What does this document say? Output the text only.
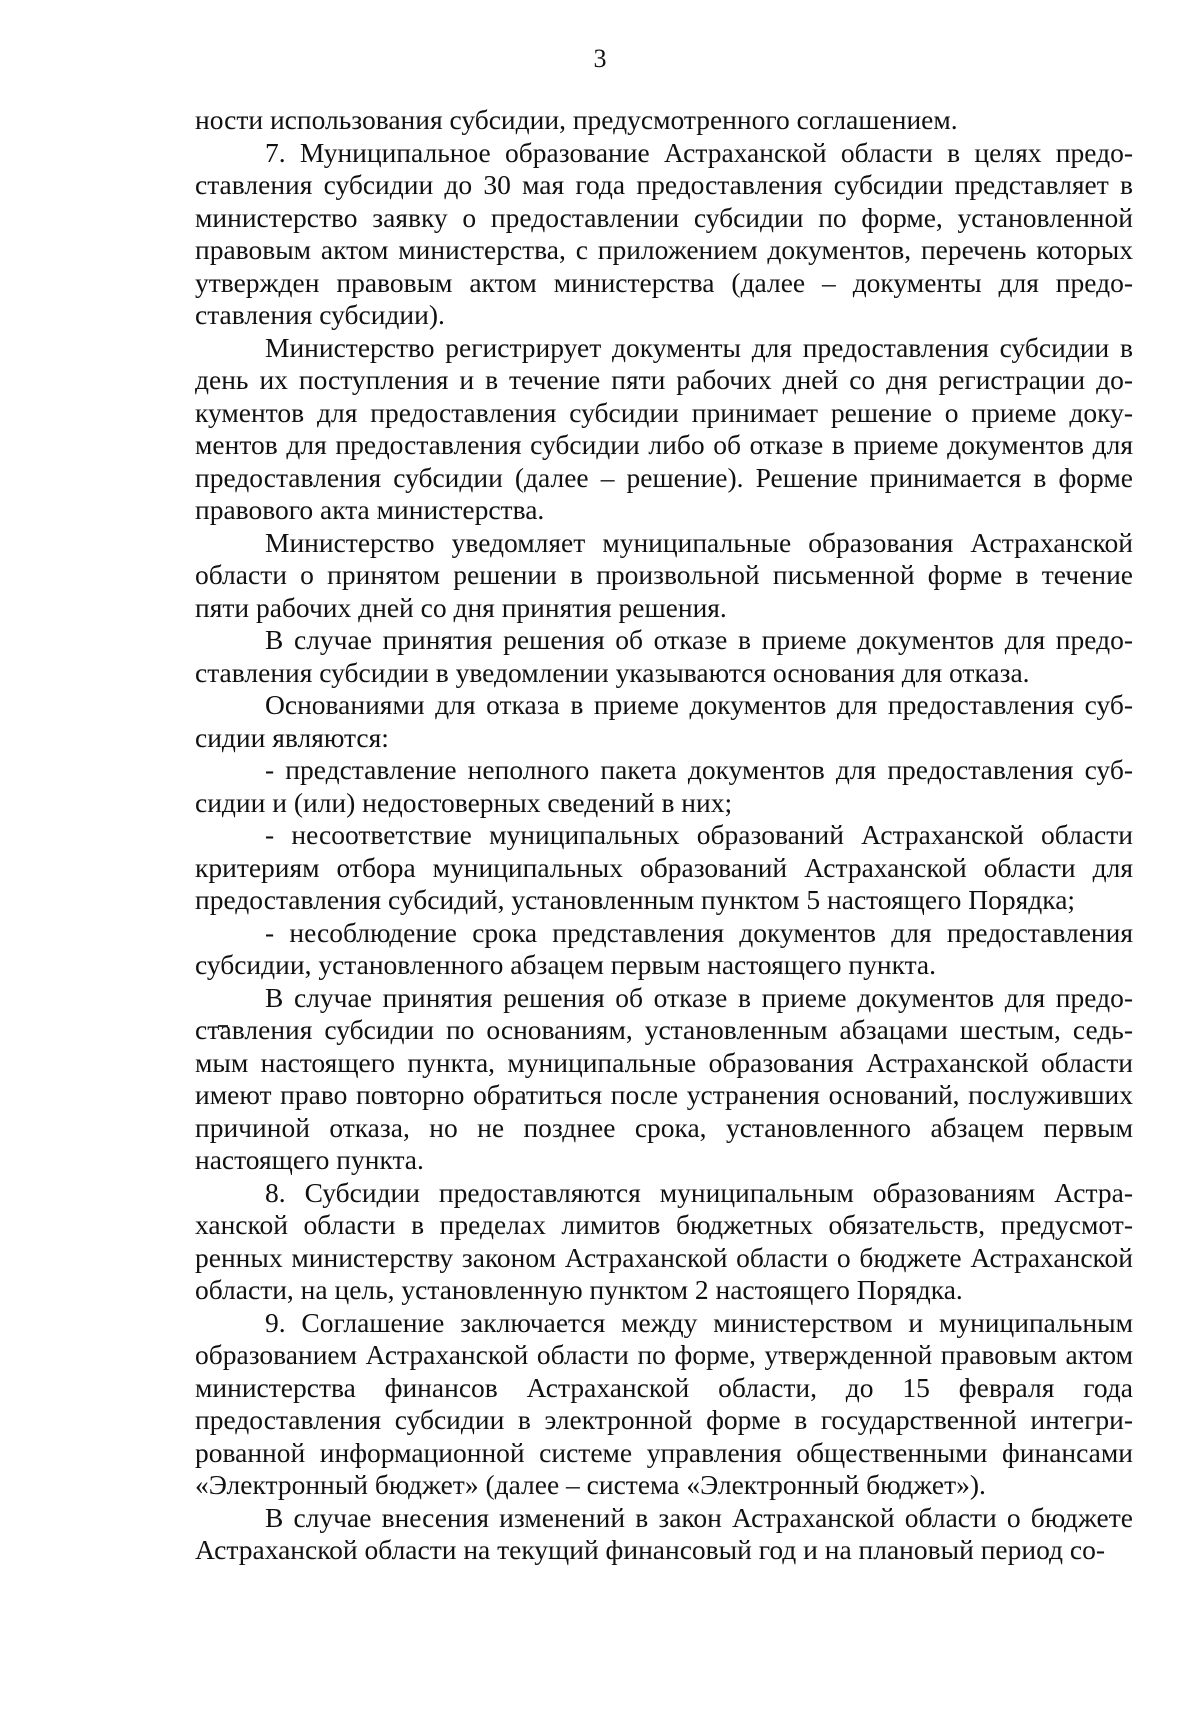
3

ности использования субсидии, предусмотренного соглашением.

7. Муниципальное образование Астраханской области в целях предоставления субсидии до 30 мая года предоставления субсидии представляет в министерство заявку о предоставлении субсидии по форме, установленной правовым актом министерства, с приложением документов, перечень которых утвержден правовым актом министерства (далее – документы для предоставления субсидии).

Министерство регистрирует документы для предоставления субсидии в день их поступления и в течение пяти рабочих дней со дня регистрации документов для предоставления субсидии принимает решение о приеме документов для предоставления субсидии либо об отказе в приеме документов для предоставления субсидии (далее – решение). Решение принимается в форме правового акта министерства.

Министерство уведомляет муниципальные образования Астраханской области о принятом решении в произвольной письменной форме в течение пяти рабочих дней со дня принятия решения.

В случае принятия решения об отказе в приеме документов для предоставления субсидии в уведомлении указываются основания для отказа.

Основаниями для отказа в приеме документов для предоставления субсидии являются:

- представление неполного пакета документов для предоставления субсидии и (или) недостоверных сведений в них;

- несоответствие муниципальных образований Астраханской области критериям отбора муниципальных образований Астраханской области для предоставления субсидий, установленным пунктом 5 настоящего Порядка;

- несоблюдение срока представления документов для предоставления субсидии, установленного абзацем первым настоящего пункта.

В случае принятия решения об отказе в приеме документов для предоставления субсидии по основаниям, установленным абзацами шестым, седьмым настоящего пункта, муниципальные образования Астраханской области имеют право повторно обратиться после устранения оснований, послуживших причиной отказа, но не позднее срока, установленного абзацем первым настоящего пункта.

8. Субсидии предоставляются муниципальным образованиям Астраханской области в пределах лимитов бюджетных обязательств, предусмотренных министерству законом Астраханской области о бюджете Астраханской области, на цель, установленную пунктом 2 настоящего Порядка.

9. Соглашение заключается между министерством и муниципальным образованием Астраханской области по форме, утвержденной правовым актом министерства финансов Астраханской области, до 15 февраля года предоставления субсидии в электронной форме в государственной интегрированной информационной системе управления общественными финансами «Электронный бюджет» (далее – система «Электронный бюджет»).

В случае внесения изменений в закон Астраханской области о бюджете Астраханской области на текущий финансовый год и на плановый период со-
